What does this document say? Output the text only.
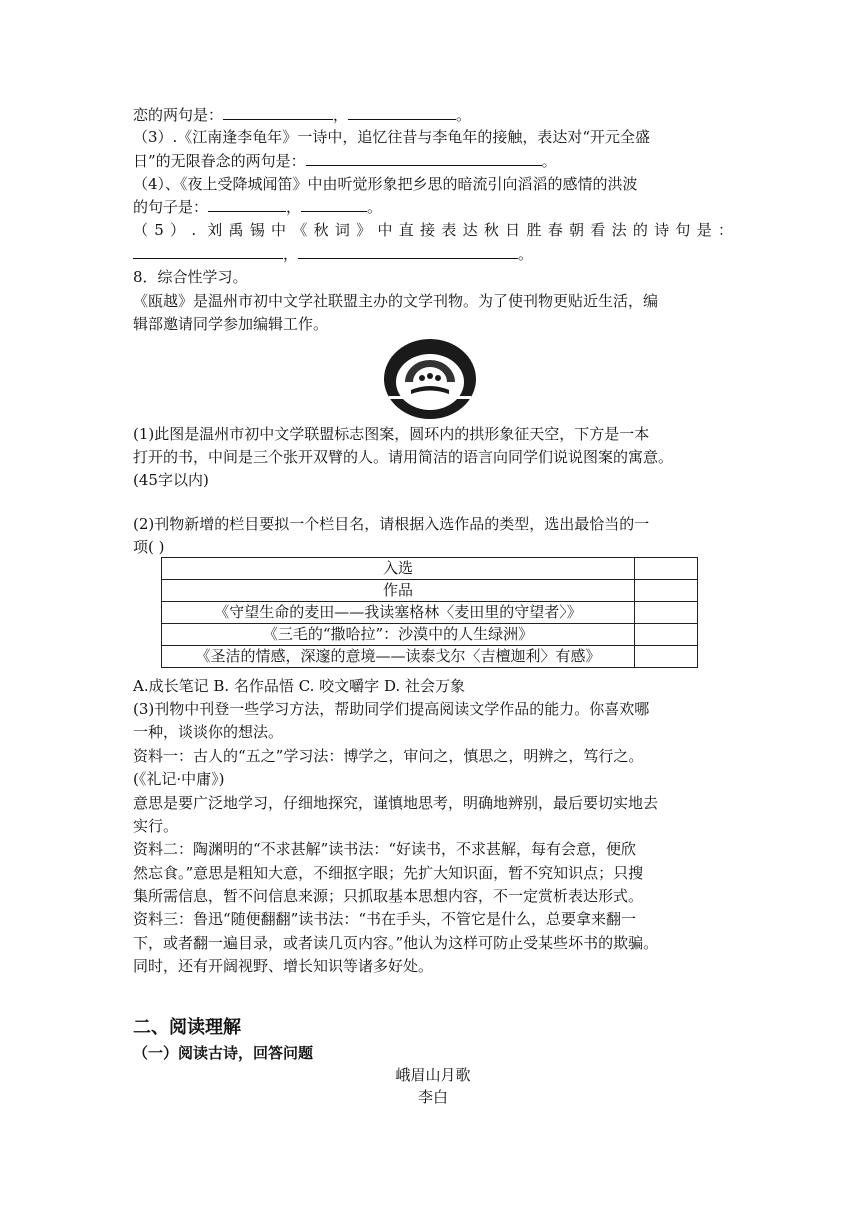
恋的两句是：	，	。
（3）.《江南逢李龟年》一诗中，追忆往昔与李龟年的接触，表达对“开元全盛
日”的无限眷念的两句是：	。
（4）、《夜上受降城闻笛》中由听觉形象把乡思的暗流引向滔滔的感情的洪波
的句子是：	，	。
（5）. 刘禹锡中《秋词》中直接表达秋日胜春朝看法的诗句是：
，	。
8．综合性学习。
《瓯越》是温州市初中文学社联盟主办的文学刊物。为了使刊物更贴近生活，编
辑部邀请同学参加编辑工作。
(1)此图是温州市初中文学联盟标志图案，圆环内的拱形象征天空，下方是一本
打开的书，中间是三个张开双臂的人。请用简洁的语言向同学们说说图案的寓意。
(45字以内)
(2)刊物新增的栏目要拟一个栏目名，请根据入选作品的类型，选出最恰当的一
项( )
入选	
作品	
《守望生命的麦田——我读塞格林〈麦田里的守望者〉》	
《三毛的“撒哈拉”：沙漠中的人生绿洲》	
《圣洁的情感，深邃的意境——读泰戈尔〈吉檀迦利〉有感》	
A.成长笔记 B. 名作品悟 C. 咬文嚼字 D. 社会万象
(3)刊物中刊登一些学习方法，帮助同学们提高阅读文学作品的能力。你喜欢哪
一种，谈谈你的想法。
资料一：古人的“五之”学习法：博学之，审问之，慎思之，明辨之，笃行之。
(《礼记·中庸》)
意思是要广泛地学习，仔细地探究，谨慎地思考，明确地辨别，最后要切实地去
实行。
资料二：陶渊明的“不求甚解”读书法：“好读书，不求甚解，每有会意，便欣
然忘食。”意思是粗知大意，不细抠字眼；先扩大知识面，暂不究知识点；只搜
集所需信息，暂不问信息来源；只抓取基本思想内容，不一定赏析表达形式。
资料三：鲁迅“随便翻翻”读书法：“书在手头，不管它是什么，总要拿来翻一
下，或者翻一遍目录，或者读几页内容。”他认为这样可防止受某些坏书的欺骗。
同时，还有开阔视野、增长知识等诸多好处。
二、阅读理解
（一）阅读古诗，回答问题
峨眉山月歌
李白
